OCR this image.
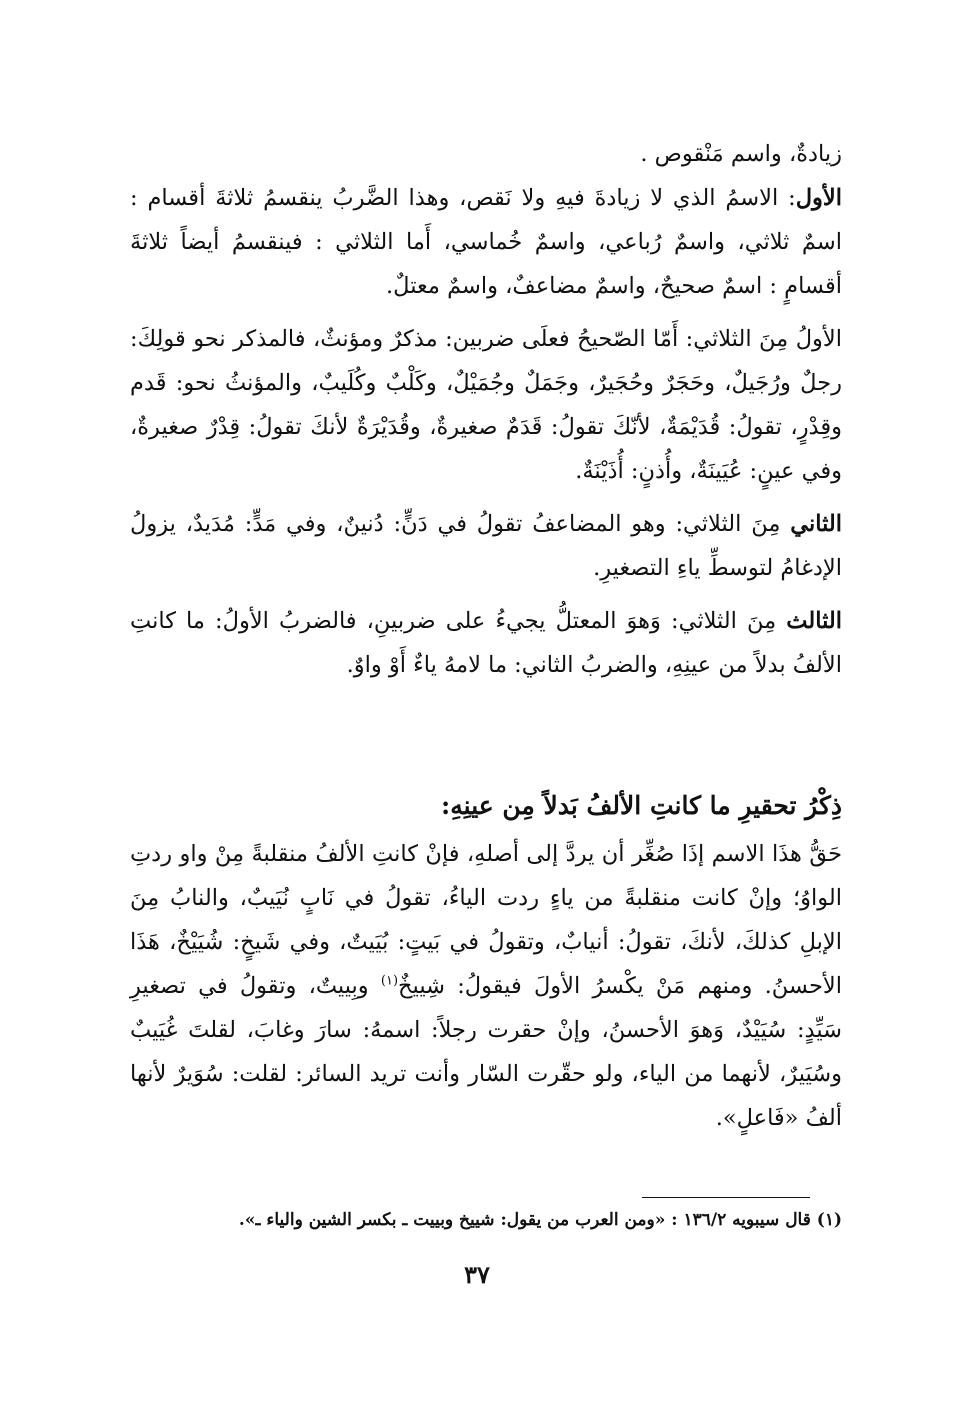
زيادةٌ، واسم مَنْقوص .

الأول: الاسمُ الذي لا زيادةَ فيهِ ولا نَقص، وهذا الضَّربُ ينقسمُ ثلاثةَ أقسام : اسمٌ ثلاثي، واسمٌ رُباعي، واسمٌ خُماسي، أَما الثلاثي : فينقسمُ أيضاً ثلاثةَ أقسامٍ : اسمٌ صحيحٌ، واسمٌ مضاعفٌ، واسمٌ معتلٌ.

الأولُ مِنَ الثلاثي: أَمّا الصّحيحُ فعلَى ضربين: مذكرٌ ومؤنثٌ، فالمذكر نحو قولِكَ: رجلٌ ورُجَيلٌ، وحَجَرٌ وحُجَيرٌ، وجَمَلٌ وجُمَيْلٌ، وكَلْبٌ وكُلَيبٌ، والمؤنثُ نحو: قَدم وقِدْرٍ، تقولُ: قُدَيْمَةٌ، لأنّكَ تقولُ: قَدَمٌ صغيرةٌ، وقُدَيْرَةٌ لأنكَ تقولُ: قِدْرٌ صغيرةٌ، وفي عينٍ: عُيَينَةٌ، وأُذنٍ: أُذَيْنَةٌ.

الثاني مِنَ الثلاثي: وهو المضاعفُ تقولُ في دَنٍّ: دُنينٌ، وفي مَدٍّ: مُدَيدٌ، يزولُ الإدغامُ لتوسطِّ ياءِ التصغيرِ.

الثالث مِنَ الثلاثي: وَهوَ المعتلُّ يجيءُ على ضربينِ، فالضربُ الأولُ: ما كانتِ الألفُ بدلاً من عينِهِ، والضربُ الثاني: ما لامهُ ياءٌ أَوْ واوٌ.

ذِكْرُ تحقيرِ ما كانتِ الألفُ بَدلاً مِن عينِهِ:

حَقُّ هذَا الاسم إذَا صُغِّر أن يردَّ إلى أصلهِ، فإنْ كانتِ الألفُ منقلبةً مِنْ واو ردتِ الواوُ؛ وإنْ كانت منقلبةً من ياءٍ ردت الياءُ، تقولُ في نَابٍ نُيَيبٌ، والنابُ مِنَ الإبلِ كذلكَ، لأنكَ، تقولُ: أنيابٌ، وتقولُ في بَيتٍ: بُيَيتٌ، وفي شَيخٍ: شُيَيْخٌ، هَذَا الأحسنُ. ومنهم مَنْ يكْسرُ الأولَ فيقولُ: شِييخٌ$^{(١)}$ وبِييتٌ، وتقولُ في تصغيرِ سَيِّدٍ: سُيَيْدٌ، وَهوَ الأحسنُ، وإنْ حقرت رجلاً: اسمهُ: سارَ وغابَ، لقلتَ غُيَيبٌ وسُيَيرٌ، لأنهما من الياء، ولو حقّرت السّار وأنت تريد السائر: لقلت: سُوَيرٌ لأنها ألفُ «فَاعلٍ».

(١) قال سيبويه ١٣٦/٢ : «ومن العرب من يقول: شييخ وبييت ـ بكسر الشين والياء ـ».
٣٧
